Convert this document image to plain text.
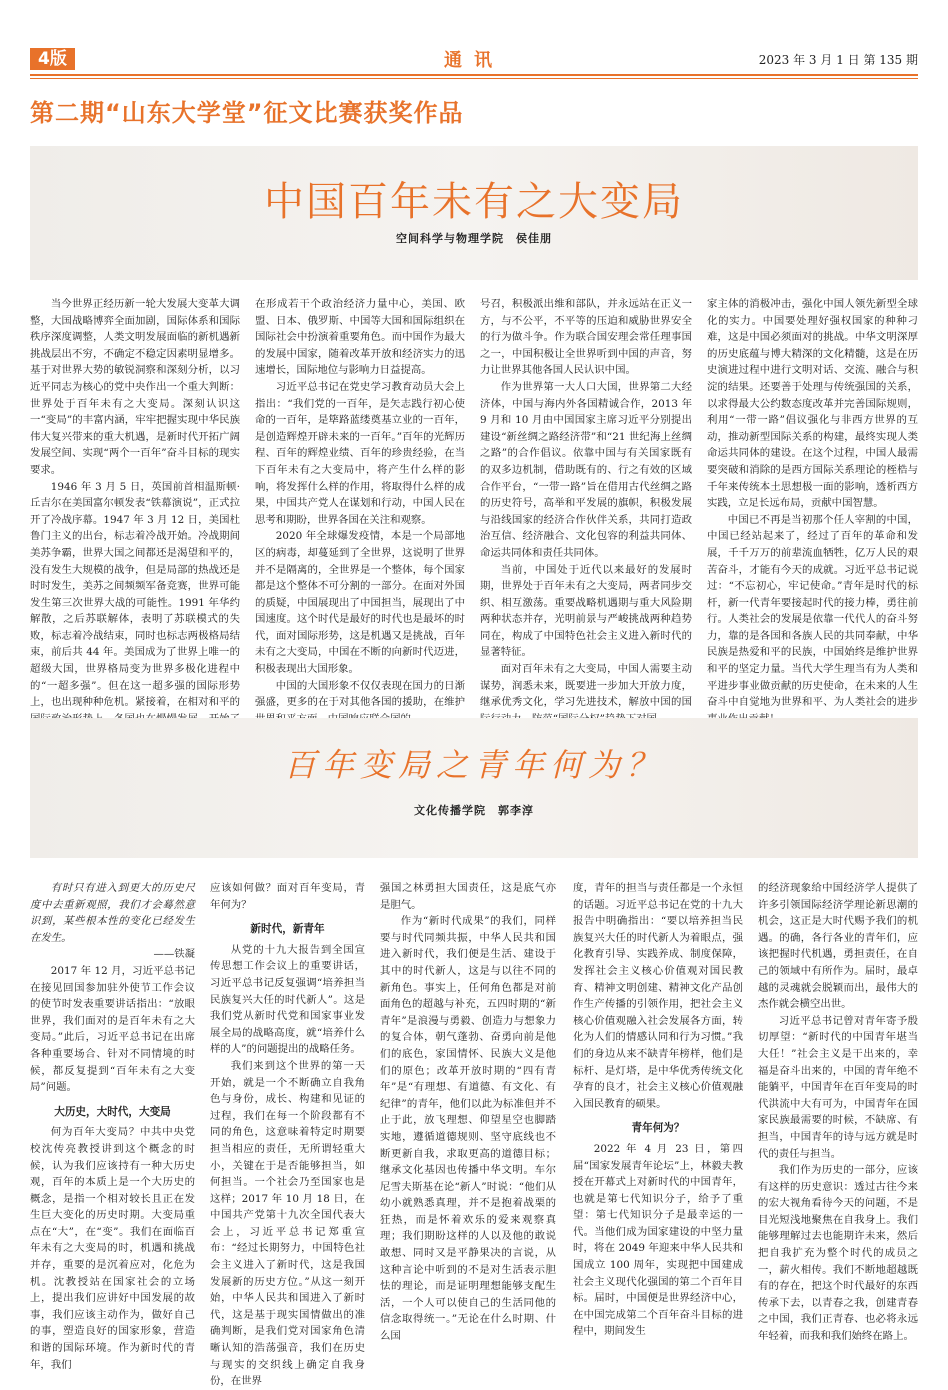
4版	通讯	2023 年 3 月 1 日 第 135 期
第二期“山东大学堂”征文比赛获奖作品
中国百年未有之大变局
空间科学与物理学院　侯佳朋

当今世界正经历新一轮大发展大变革大调整，大国战略博弈全面加剧，国际体系和国际秩序深度调整，人类文明发展面临的新机遇新挑战层出不穷，不确定不稳定因素明显增多。基于对世界大势的敏锐洞察和深刻分析，以习近平同志为核心的党中央作出一个重大判断：世界处于百年未有之大变局。深刻认识这一“变局”的丰富内涵，牢牢把握实现中华民族伟大复兴带来的重大机遇，是新时代开拓广阔发展空间、实现“两个一百年”奋斗目标的现实要求。

1946 年 3 月 5 日，英国前首相温斯顿·丘吉尔在美国富尔顿发表“铁幕演说”，正式拉开了冷战序幕。1947 年 3 月 12 日，美国杜鲁门主义的出台，标志着冷战开始。冷战期间美苏争霸，世界大国之间都还是渴望和平的，没有发生大规模的战争，但是局部的热战还是时时发生，美苏之间频频军备竞赛，世界可能发生第三次世界大战的可能性。1991 年华约解散，之后苏联解体，表明了苏联模式的失败，标志着冷战结束，同时也标志两极格局结束，前后共 44 年。美国成为了世界上唯一的超级大国，世界格局变为世界多极化进程中的“一超多强”。但在这一超多强的国际形势上，也出现种种危机。紧接着，在相对和平的

在形成若干个政治经济力量中心，美国、欧盟、日本、俄罗斯、中国等大国和国际组织在国际社会中扮演着重要角色。而中国作为最大的发展中国家，随着改革开放和经济实力的迅速增长，国际地位与影响力日益提高。

习近平总书记在党史学习教育动员大会上指出：“我们党的一百年，是矢志践行初心使命的一百年，是筚路蓝缕奠基立业的一百年，是创造辉煌开辟未来的一百年。”百年的光辉历程、百年的辉煌业绩、百年的珍贵经验，在当下百年未有之大变局中，将产生什么样的影响，将发挥什么样的作用，将取得什么样的成果，中国共产党人在谋划和行动，中国人民在思考和期盼，世界各国在关注和观察。

2020 年全球爆发疫情，本是一个局部地区的病毒，却蔓延到了全世界，这说明了世界并不是隔离的，全世界是一个整体，每个国家都是这个整体不可分割的一部分。在面对外国的质疑，中国展现出了中国担当，展现出了中国速度。这个时代是最好的时代也是最坏的时代，面对国际形势，这是机遇又是挑战，百年未有之大变局，中国在不断的向新时代迈进，积极表现出大国形象。

中国的大国形象不仅仅表现在国力的日渐强盛，更多的在于对其他各国的援助，在维护

号召，积极派出维和部队，并永远站在正义一方，与不公平，不平等的压迫和威胁世界安全的行为做斗争。作为联合国安理会常任理事国之一，中国积极让全世界听到中国的声音，努力让世界其他各国人民认识中国。

作为世界第一大人口大国，世界第二大经济体，中国与海内外各国精诚合作，2013 年 9 月和 10 月由中国国家主席习近平分别提出建设“新丝绸之路经济带”和“21 世纪海上丝绸之路”的合作倡议。依靠中国与有关国家既有的双多边机制，借助既有的、行之有效的区域合作平台，“一带一路”旨在借用古代丝绸之路的历史符号，高举和平发展的旗帜，积极发展与沿线国家的经济合作伙伴关系，共同打造政治互信、经济融合、文化包容的利益共同体、命运共同体和责任共同体。

当前，中国处于近代以来最好的发展时期，世界处于百年未有之大变局，两者同步交织、相互激荡。重要战略机遇期与重大风险期两种状态并存，光明前景与严峻挑战两种趋势同在，构成了中国特色社会主义进入新时代的显著特征。

面对百年未有之大变局，中国人需要主动谋势，润悉未来，既要进一步加大开放力度，继承优秀文化，学习先进技术，解放中国的国

家主体的消极冲击，强化中国人领先新型全球化的实力。中国要处理好强权国家的种种刁难，这是中国必须面对的挑战。中华文明深厚的历史底蕴与博大精深的文化精髓，这是在历史演进过程中进行文明对话、交流、融合与积淀的结果。还要善于处理与传统强国的关系，以求得最大公约数态度改革并完善国际规则，利用“一带一路”倡议强化与非西方世界的互动，推动新型国际关系的构建，最终实现人类命运共同体的建设。在这个过程，中国人最需要突破和消除的是西方国际关系理论的桎梏与千年来传统本土思想极一面的影响，透析西方实践，立足长远布局，贡献中国智慧。

中国已不再是当初那个任人宰割的中国，中国已经站起来了，经过了百年的革命和发展，千千万万的前辈流血牺牲，亿万人民的艰苦奋斗，才能有今天的成就。习近平总书记说过：“不忘初心，牢记使命。”青年是时代的标杆，新一代青年要接起时代的接力棒，勇往前行。人类社会的发展是依靠一代代人的奋斗努力，靠的是各国和各族人民的共同奉献，中华民族是热爱和平的民族，中国始终是维护世界和平的坚定力量。当代大学生理当有为人类和平进步事业做贡献的历史使命，在未来的人生奋斗中自觉地为世界和平、为人类社会的进步

百年变局之青年何为？
文化传播学院　郭李淳

有时只有进入到更大的历史尺度中去重新观照，我们才会蓦然意识到，某些根本性的变化已经发生在发生。

——铁凝

2017 年 12 月，习近平总书记在接见回国参加驻外使节工作会议的使节时发表重要讲话指出：“放眼世界，我们面对的是百年未有之大变局。”此后，习近平总书记在出席各种重要场合、针对不同情境的时候，都反复提到“百年未有之大变局”问题。

大历史，大时代，大变局

何为百年大变局？中共中央党校沈传亮教授讲到这个概念的时候，认为我们应该持有一种大历史观，百年的本质上是一个大历史的概念，是指一个相对较长且正在发生巨大变化的历史时期。大变局重点在“大”，在“变”。我们在面临百年未有之大变局的时，机遇和挑战并存，重要的是沉着应对，化危为机。沈教授站在国家社会的立场上，提出我们应讲好中国发展的故事，我们应该主动作为，做好自己的事，塑造良好的国家形象，营造和谐的国际环境。作为新时代的青年，我们

应该如何做？面对百年变局，青年何为？

新时代，新青年

从党的十九大报告到全国宣传思想工作会议上的重要讲话，习近平总书记反复强调“培养担当民族复兴大任的时代新人”。这是我们党从新时代党和国家事业发展全局的战略高度，就“培养什么样的人”的问题提出的战略任务。

我们来到这个世界的第一天开始，就是一个不断确立自我角色与身份，成长、构建和见证的过程，我们在每一个阶段都有不同的角色，这意味着特定时期要担当相应的责任，无所谓轻重大小，关键在于是否能够担当，如何担当。一个社会乃至国家也是这样；2017 年 10 月 18 日，在中国共产党第十九次全国代表大会上，习近平总书记郑重宣布：“经过长期努力，中国特色社会主义进入了新时代，这是我国发展新的历史方位。”从这一刻开始，中华人民共和国进入了新时代，这是基于现实国情做出的准确判断，是我们党对国家角色清晰认知的浩荡强音，我们在历史与现实的交织线上确定自我身份，在世界

强国之林勇担大国责任，这是底气亦是胆气。

作为“新时代成果”的我们，同样要与时代同频共振，中华人民共和国进入新时代，我们便是生活、建设于其中的时代新人，这是与以往不同的新角色。事实上，任何角色都是对前面角色的超越与补充，五四时期的“新青年”是浪漫与勇毅、创造力与想象力的复合体，朝气蓬勃、奋勇向前是他们的底色，家国情怀、民族大义是他们的原色；改革开放时期的“四有青年”是“有理想、有道德、有文化、有纪律”的青年，他们以此为标准但并不止于此，放飞理想、仰望星空也脚踏实地，遵循道德规则、坚守底线也不断更新自我，求取更高的道德目标；继承文化基因也传播中华文明。车尔尼雪夫斯基在论“新人”时说：“他们从幼小就熟悉真理，并不是抱着战栗的狂热，而是怀着欢乐的爱来观察真理；我们期盼这样的人以及他的敢说敢想、同时又是平静果决的言说，从这种言论中听到的不是对生活表示胆怯的理论，而是证明理想能够支配生活，一个人可以使自己的生活同他的信念取得统一。”无论在什么时期、什么国

度，青年的担当与责任都是一个永恒的话题。习近平总书记在党的十九大报告中明确指出：“要以培养担当民族复兴大任的时代新人为着眼点，强化教育引导、实践养成、制度保障，发挥社会主义核心价值观对国民教育、精神文明创建、精神文化产品创作生产传播的引领作用，把社会主义核心价值观融入社会发展各方面，转化为人们的情感认同和行为习惯。”我们的身边从来不缺青年榜样，他们是标杆、是灯塔，是中华优秀传统文化孕育的良才，社会主义核心价值观融入国民教育的硕果。

青年何为？

2022 年 4 月 23 日，第四届“国家发展青年论坛”上，林毅夫教授在开幕式上对新时代的中国青年，也就是第七代知识分子，给予了重望：第七代知识分子是最幸运的一代。当他们成为国家建设的中坚力量时，将在 2049 年迎来中华人民共和国成立 100 周年，实现把中国建成社会主义现代化强国的第二个百年目标。届时，中国便是世界经济中心，在中国完成第二个百年奋斗目标的进程中，期间发生

的经济现象给中国经济学人提供了许多引领国际经济学理论新思潮的机会，这正是大时代赐予我们的机遇。的确，各行各业的青年们，应该把握时代机遇，勇担责任，在自己的领域中有所作为。届时，最卓越的灵魂就会脱颖而出，最伟大的杰作就会横空出世。

习近平总书记曾对青年寄予殷切厚望：“新时代的中国青年堪当大任！”社会主义是干出来的，幸福是奋斗出来的，中国的青年绝不能躺平，中国青年在百年变局的时代洪流中大有可为，中国青年在国家民族最需要的时候，不缺席、有担当，中国青年的诗与远方就是时代的责任与担当。

我们作为历史的一部分，应该有这样的历史意识：透过古往今来的宏大视角看待今天的问题，不是目光短浅地聚焦在自我身上。我们能够理解过去也能期许未来，然后把自我扩充为整个时代的成员之一，薪火相传。我们不断地超越既有的存在，把这个时代最好的东西传承下去，以青春之我，创建青春之中国，我们正青春、也必将永远年轻着，而我和我们始终在路上。
